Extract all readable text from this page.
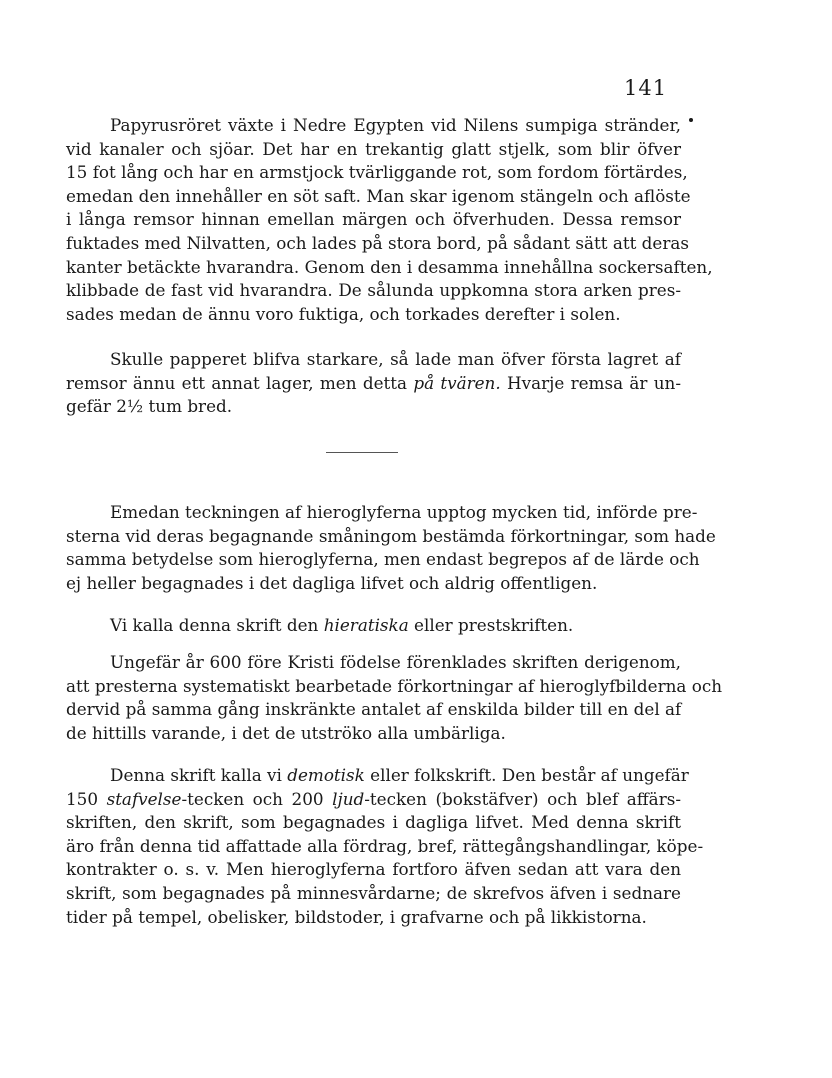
141
Papyrusröret växte i Nedre Egypten vid Nilens sumpiga stränder,
vid kanaler och sjöar. Det har en trekantig glatt stjelk, som blir öfver
15 fot lång och har en armstjock tvärliggande rot, som fordom förtärdes,
emedan den innehåller en söt saft. Man skar igenom stängeln och aflöste
i långa remsor hinnan emellan märgen och öfverhuden. Dessa remsor
fuktades med Nilvatten, och lades på stora bord, på sådant sätt att deras
kanter betäckte hvarandra. Genom den i desamma innehållna sockersaften,
klibbade de fast vid hvarandra. De sålunda uppkomna stora arken pres-
sades medan de ännu voro fuktiga, och torkades derefter i solen.
Skulle papperet blifva starkare, så lade man öfver första lagret af
remsor ännu ett annat lager, men detta på tvären. Hvarje remsa är un-
gefär 2½ tum bred.
Emedan teckningen af hieroglyferna upptog mycken tid, införde pre-
sterna vid deras begagnande småningom bestämda förkortningar, som hade
samma betydelse som hieroglyferna, men endast begrepos af de lärde och
ej heller begagnades i det dagliga lifvet och aldrig offentligen.
Vi kalla denna skrift den hieratiska eller prestskriften.
Ungefär år 600 före Kristi födelse förenklades skriften derigenom,
att presterna systematiskt bearbetade förkortningar af hieroglyfbilderna och
dervid på samma gång inskränkte antalet af enskilda bilder till en del af
de hittills varande, i det de utströko alla umbärliga.
Denna skrift kalla vi demotisk eller folkskrift. Den består af ungefär
150 stafvelse-tecken och 200 ljud-tecken (bokstäfver) och blef affärs-
skriften, den skrift, som begagnades i dagliga lifvet. Med denna skrift
äro från denna tid affattade alla fördrag, bref, rättegångshandlingar, köpe-
kontrakter o. s. v. Men hieroglyferna fortforo äfven sedan att vara den
skrift, som begagnades på minnesvårdarne; de skrefvos äfven i sednare
tider på tempel, obelisker, bildstoder, i grafvarne och på likkistorna.
